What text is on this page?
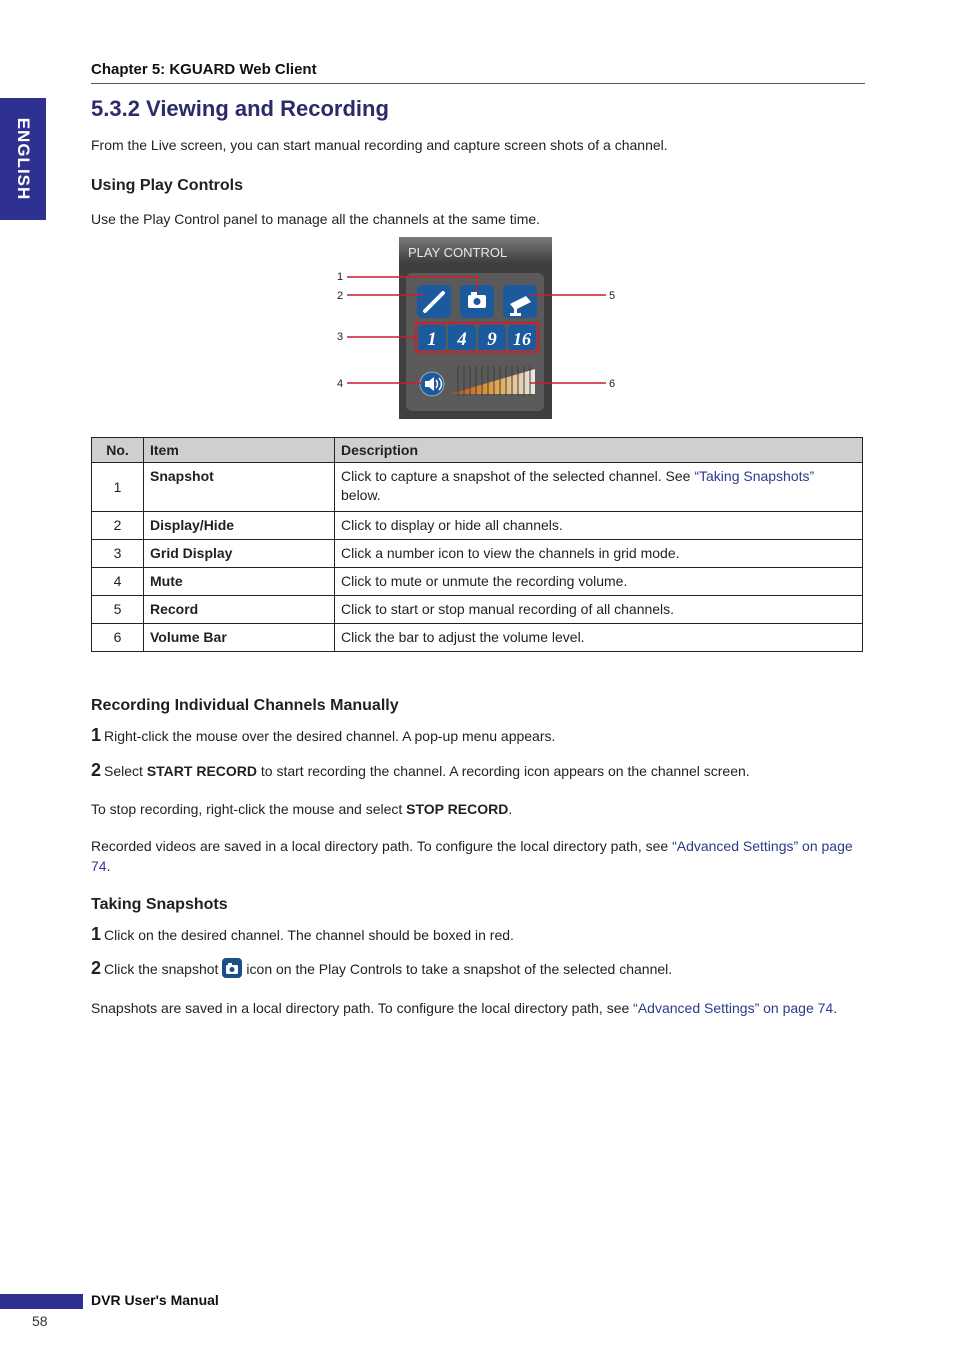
ENGLISH
Chapter 5: KGUARD Web Client
5.3.2 Viewing and Recording
From the Live screen, you can start manual recording and capture screen shots of a channel.
Using Play Controls
Use the Play Control panel to manage all the channels at the same time.
PLAY CONTROL
1 4 9 16
1
2
3
4
5
6
No.	Item	Description
1	Snapshot	Click to capture a snapshot of the selected channel. See “Taking Snapshots” below.
2	Display/Hide	Click to display or hide all channels.
3	Grid Display	Click a number icon to view the channels in grid mode.
4	Mute	Click to mute or unmute the recording volume.
5	Record	Click to start or stop manual recording of all channels.
6	Volume Bar	Click the bar to adjust the volume level.
Recording Individual Channels Manually
1 Right-click the mouse over the desired channel. A pop-up menu appears.
2 Select START RECORD to start recording the channel. A recording icon appears on the channel screen.
To stop recording, right-click the mouse and select STOP RECORD.
Recorded videos are saved in a local directory path. To configure the local directory path, see “Advanced Settings” on page 74.
Taking Snapshots
1 Click on the desired channel. The channel should be boxed in red.
2 Click the snapshot icon on the Play Controls to take a snapshot of the selected channel.
Snapshots are saved in a local directory path. To configure the local directory path, see “Advanced Settings” on page 74.
DVR User's Manual
58
